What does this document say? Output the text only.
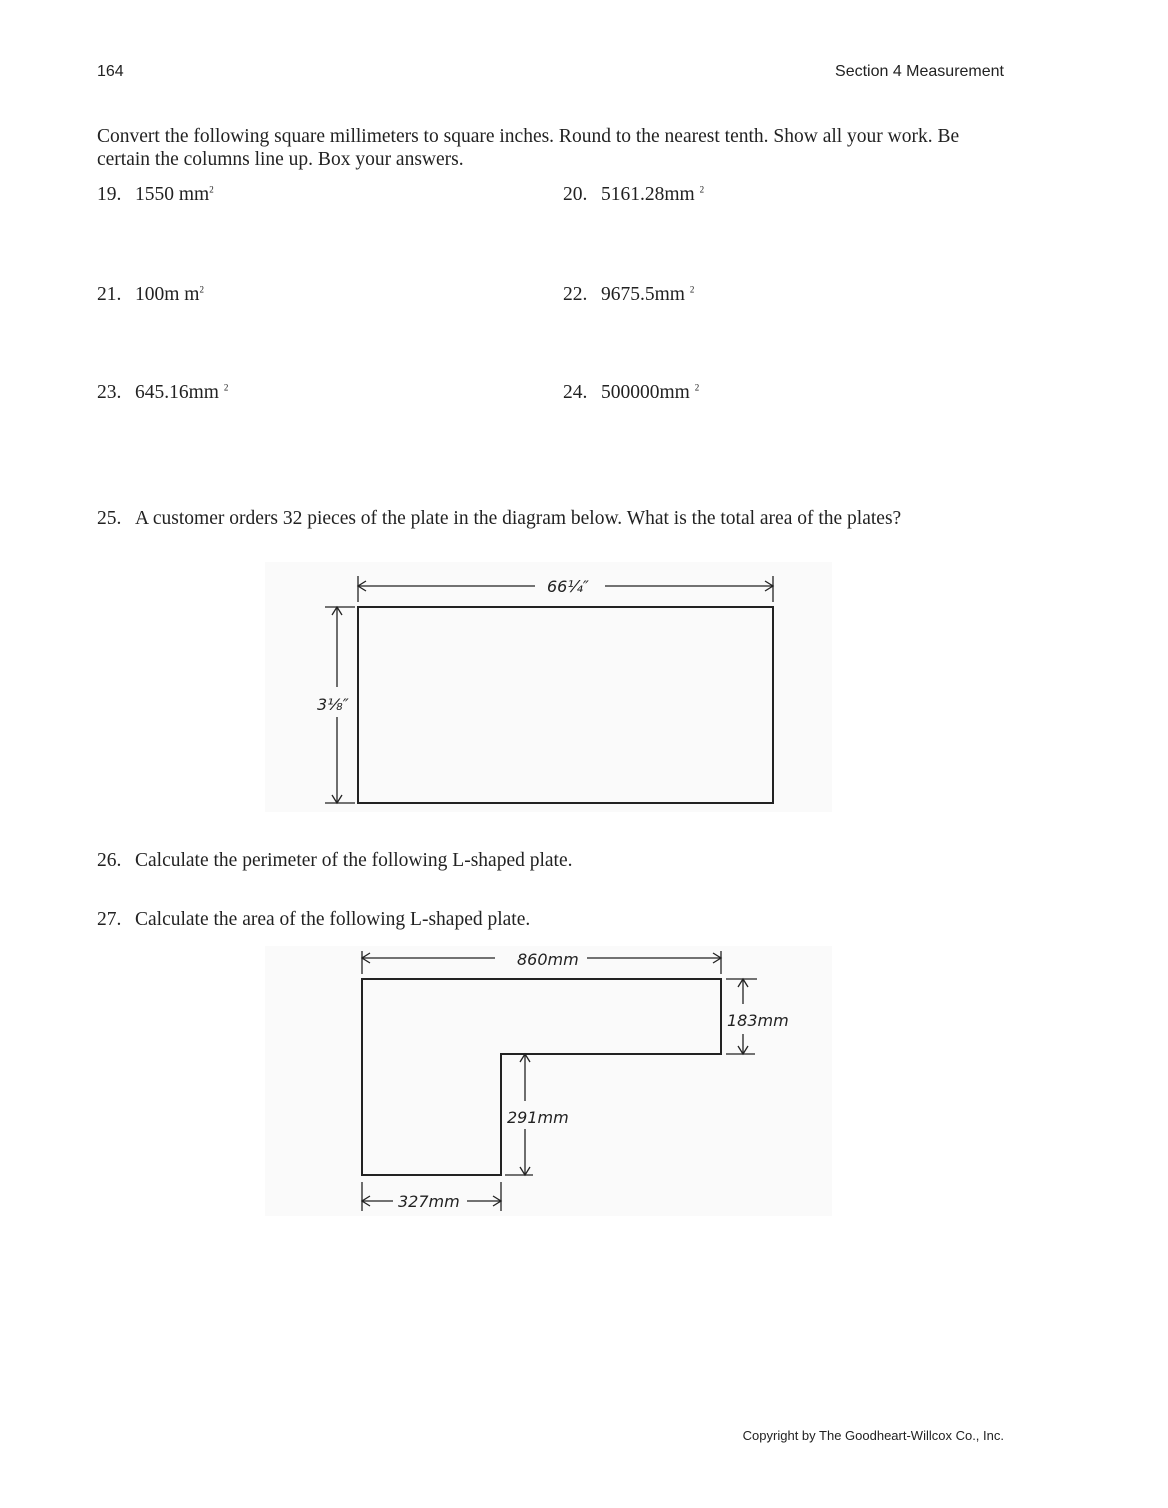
164	Section 4 Measurement
Convert the following square millimeters to square inches. Round to the nearest tenth. Show all your work. Be certain the columns line up. Box your answers.
19. 1550 $mm^2$	20. 5161.28mm $^2$
21. 100m $m^2$	22. 9675.5mm $^2$
23. 645.16mm $^2$	24. 500000mm $^2$
25. A customer orders 32 pieces of the plate in the diagram below. What is the total area of the plates?
66¼″
3⅛″
26. Calculate the perimeter of the following L-shaped plate.
27. Calculate the area of the following L-shaped plate.
860mm
183mm
291mm
327mm
Copyright by The Goodheart-Willcox Co., Inc.
